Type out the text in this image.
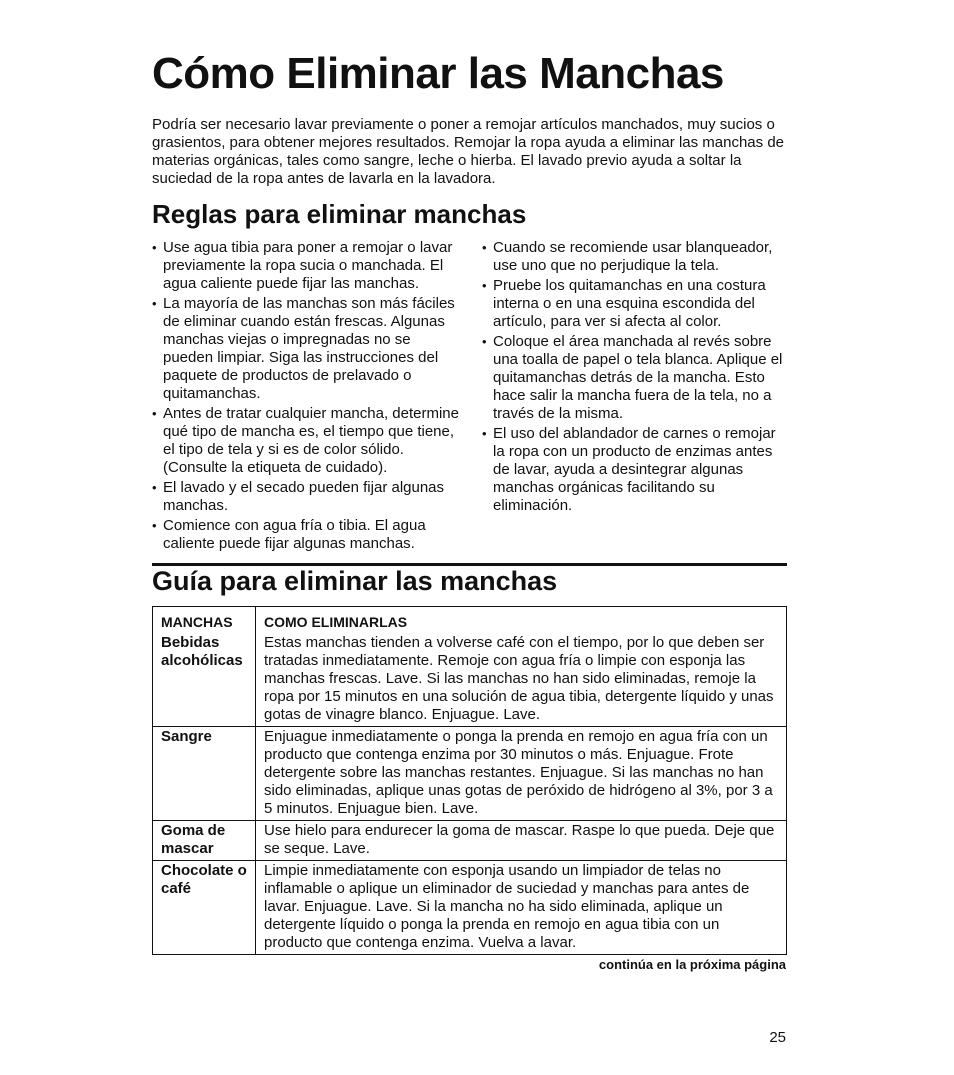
Cómo Eliminar las Manchas

Podría ser necesario lavar previamente o poner a remojar artículos manchados, muy sucios o grasientos, para obtener mejores resultados. Remojar la ropa ayuda a eliminar las manchas de materias orgánicas, tales como sangre, leche o hierba. El lavado previo ayuda a soltar la suciedad de la ropa antes de lavarla en la lavadora.

Reglas para eliminar manchas
• Use agua tibia para poner a remojar o lavar previamente la ropa sucia o manchada. El agua caliente puede fijar las manchas.
• La mayoría de las manchas son más fáciles de eliminar cuando están frescas. Algunas manchas viejas o impregnadas no se pueden limpiar. Siga las instrucciones del paquete de productos de prelavado o quitamanchas.
• Antes de tratar cualquier mancha, determine qué tipo de mancha es, el tiempo que tiene, el tipo de tela y si es de color sólido. (Consulte la etiqueta de cuidado).
• El lavado y el secado pueden fijar algunas manchas.
• Comience con agua fría o tibia. El agua caliente puede fijar algunas manchas.
• Cuando se recomiende usar blanqueador, use uno que no perjudique la tela.
• Pruebe los quitamanchas en una costura interna o en una esquina escondida del artículo, para ver si afecta al color.
• Coloque el área manchada al revés sobre una toalla de papel o tela blanca. Aplique el quitamanchas detrás de la mancha. Esto hace salir la mancha fuera de la tela, no a través de la misma.
• El uso del ablandador de carnes o remojar la ropa con un producto de enzimas antes de lavar, ayuda a desintegrar algunas manchas orgánicas facilitando su eliminación.
Guía para eliminar las manchas
MANCHAS	COMO ELIMINARLAS
Bebidas alcohólicas	Estas manchas tienden a volverse café con el tiempo, por lo que deben ser tratadas inmediatamente. Remoje con agua fría o limpie con esponja las manchas frescas. Lave. Si las manchas no han sido eliminadas, remoje la ropa por 15 minutos en una solución de agua tibia, detergente líquido y unas gotas de vinagre blanco. Enjuague. Lave.
Sangre	Enjuague inmediatamente o ponga la prenda en remojo en agua fría con un producto que contenga enzima por 30 minutos o más. Enjuague. Frote detergente sobre las manchas restantes. Enjuague. Si las manchas no han sido eliminadas, aplique unas gotas de peróxido de hidrógeno al 3%, por 3 a 5 minutos. Enjuague bien. Lave.
Goma de mascar	Use hielo para endurecer la goma de mascar. Raspe lo que pueda. Deje que se seque. Lave.
Chocolate o café	Limpie inmediatamente con esponja usando un limpiador de telas no inflamable o aplique un eliminador de suciedad y manchas para antes de lavar. Enjuague. Lave. Si la mancha no ha sido eliminada, aplique un detergente líquido o ponga la prenda en remojo en agua tibia con un producto que contenga enzima. Vuelva a lavar.
continúa en la próxima página
25
